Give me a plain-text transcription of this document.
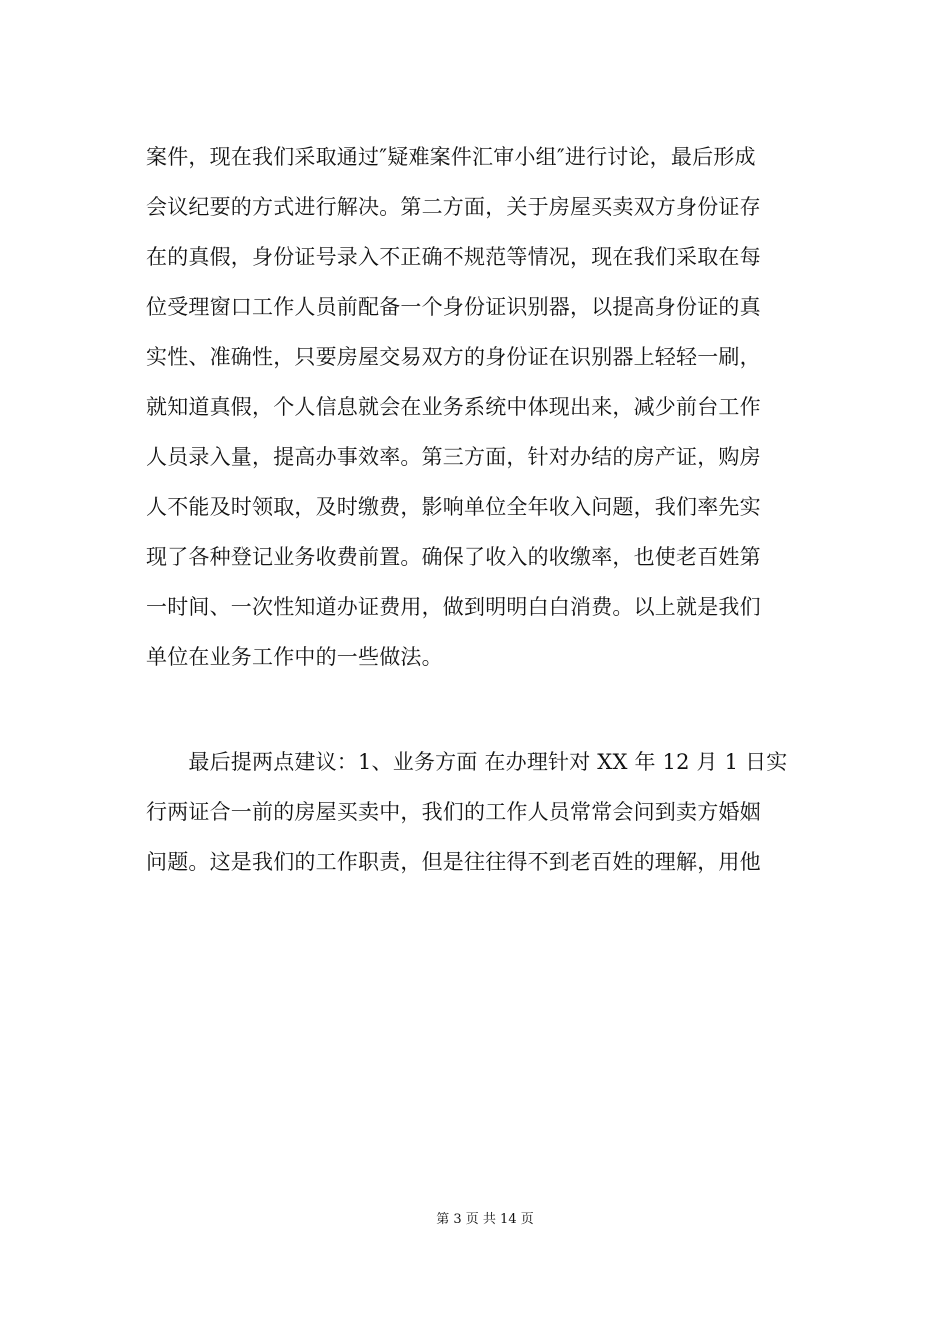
案件，现在我们采取通过″疑难案件汇审小组″进行讨论，最后形成
会议纪要的方式进行解决。第二方面，关于房屋买卖双方身份证存
在的真假，身份证号录入不正确不规范等情况，现在我们采取在每
位受理窗口工作人员前配备一个身份证识别器，以提高身份证的真
实性、准确性，只要房屋交易双方的身份证在识别器上轻轻一刷，
就知道真假，个人信息就会在业务系统中体现出来，减少前台工作
人员录入量，提高办事效率。第三方面，针对办结的房产证，购房
人不能及时领取，及时缴费，影响单位全年收入问题，我们率先实
现了各种登记业务收费前置。确保了收入的收缴率，也使老百姓第
一时间、一次性知道办证费用，做到明明白白消费。以上就是我们
单位在业务工作中的一些做法。
　　最后提两点建议：1、业务方面 在办理针对 XX 年 12 月 1 日实
行两证合一前的房屋买卖中，我们的工作人员常常会问到卖方婚姻
问题。这是我们的工作职责，但是往往得不到老百姓的理解，用他
第 3 页 共 14 页
